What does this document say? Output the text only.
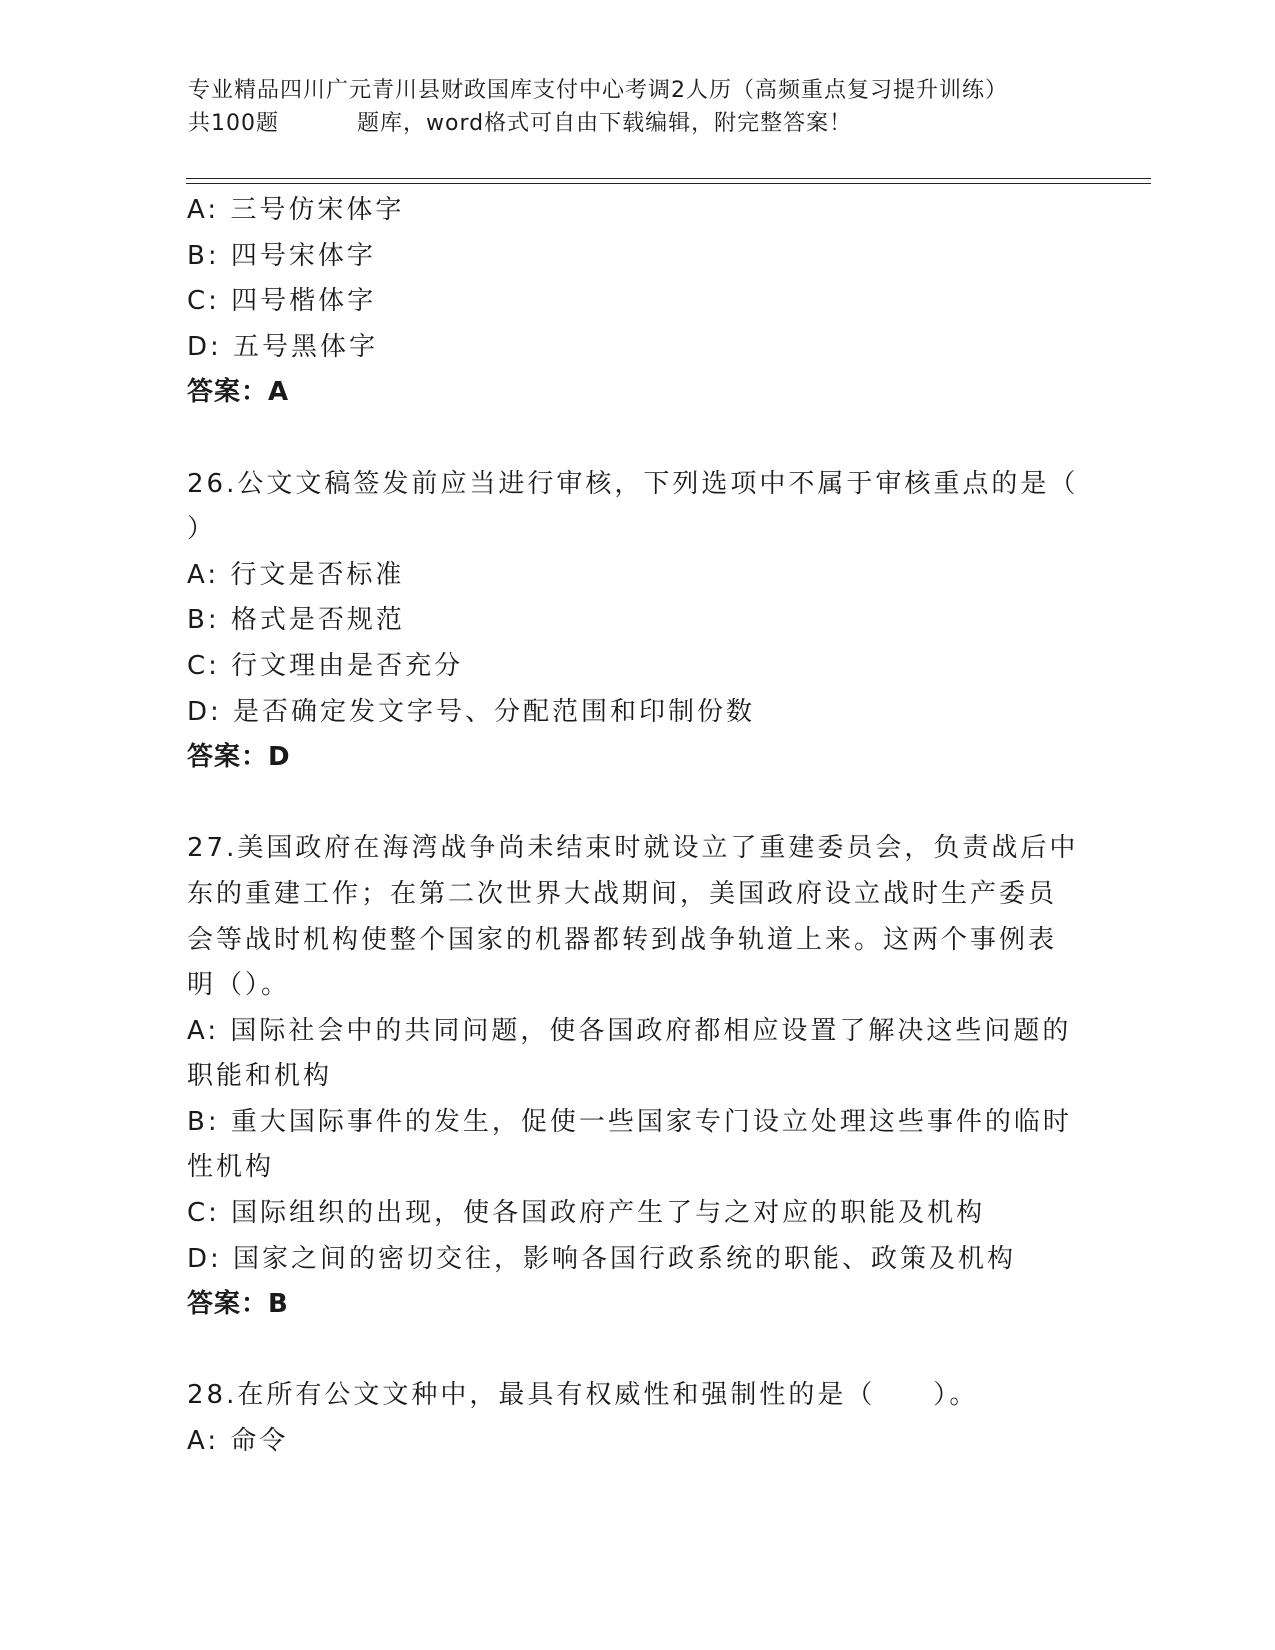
专业精品四川广元青川县财政国库支付中心考调2人历（高频重点复习提升训练）
共100题	题库，word格式可自由下载编辑，附完整答案！
A: 三号仿宋体字
B: 四号宋体字
C: 四号楷体字
D: 五号黑体字
答案：A
26.公文文稿签发前应当进行审核，下列选项中不属于审核重点的是（
）
A: 行文是否标准
B: 格式是否规范
C: 行文理由是否充分
D: 是否确定发文字号、分配范围和印制份数
答案：D
27.美国政府在海湾战争尚未结束时就设立了重建委员会，负责战后中
东的重建工作；在第二次世界大战期间，美国政府设立战时生产委员
会等战时机构使整个国家的机器都转到战争轨道上来。这两个事例表
明（）。
A: 国际社会中的共同问题，使各国政府都相应设置了解决这些问题的
职能和机构
B: 重大国际事件的发生，促使一些国家专门设立处理这些事件的临时
性机构
C: 国际组织的出现，使各国政府产生了与之对应的职能及机构
D: 国家之间的密切交往，影响各国行政系统的职能、政策及机构
答案：B
28.在所有公文文种中，最具有权威性和强制性的是（　　）。
A: 命令
